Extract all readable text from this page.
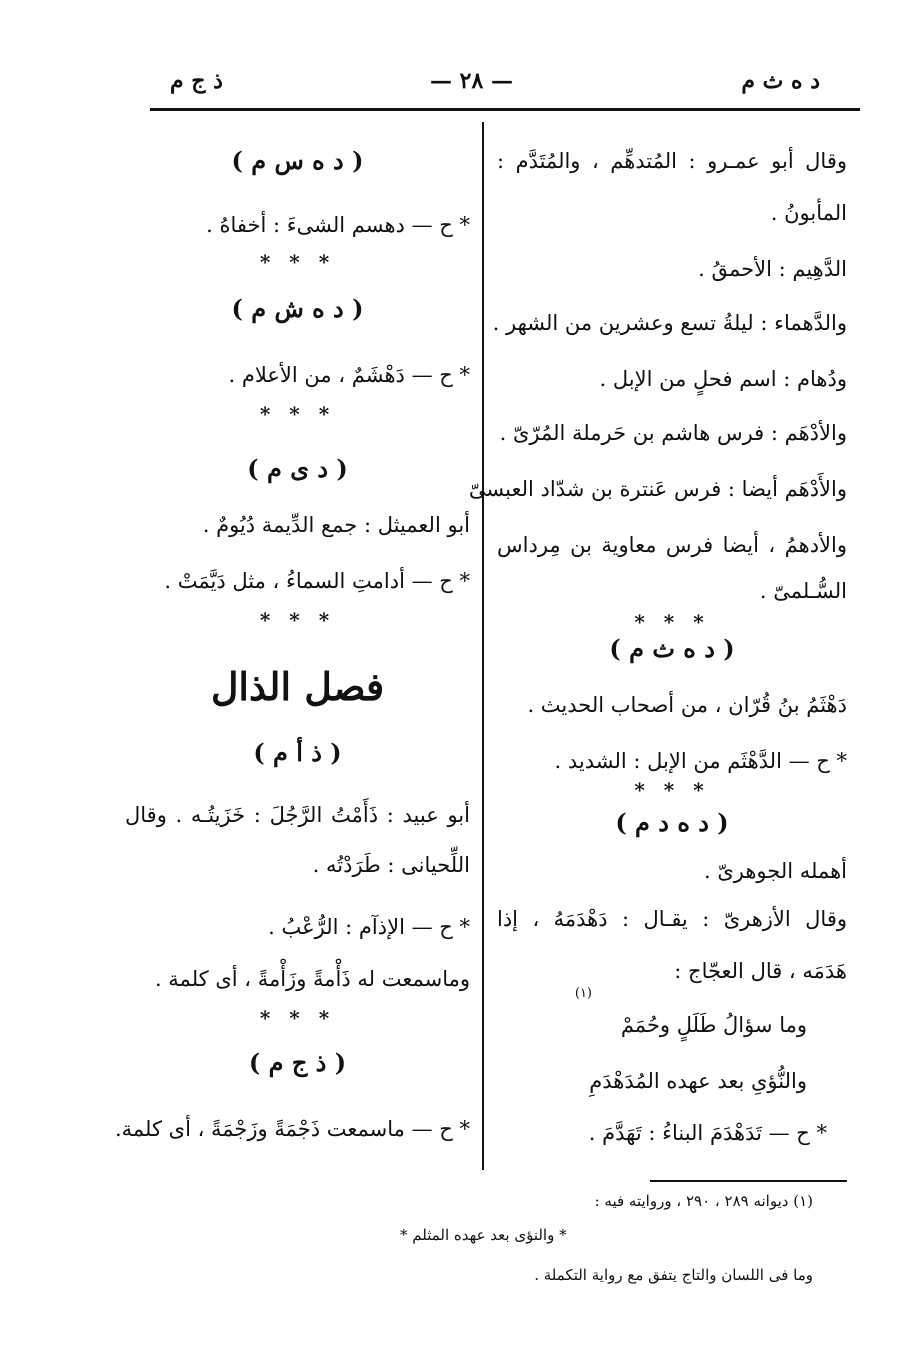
د ه ث م
— ٢٨ —
ذ ج م
وقال أبو عمـرو : المُتدهِّم ، والمُتَدَّم :
المأبونُ .
الدَّهِيم : الأحمقُ .
والدَّهماء : ليلةُ تسع وعشرين من الشهر .
ودُهام : اسم فحلٍ من الإبل .
والأدْهَم : فرس هاشم بن حَرملة المُرّىّ .
والأَدْهَم أيضا : فرس عَنترة بن شدّاد العبسىّ
والأدهمُ ، أيضا فرس معاوية بن مِرداس
السُّـلمىّ .
* * *
( د ه ث م )
دَهْثَمُ بنُ قُرّان ، من أصحاب الحديث .
* ح — الدَّهْثَم من الإبل : الشديد .
* * *
( د ه د م )
أهمله الجوهرىّ .
وقال الأزهرىّ : يقـال : دَهْدَمَهُ ، إذا
هَدَمَه ، قال العجّاج :
وما سؤالُ طَلَلٍ وحُمَمْ
(١)
والنُّؤىِ بعد عهده المُدَهْدَمِ
* ح — تَدَهْدَمَ البناءُ : تَهَدَّمَ .
( د ه س م )
* ح — دهسم الشىءَ : أخفاهُ .
* * *
( د ه ش م )
* ح — دَهْشَمٌ ، من الأعلام .
* * *
( د ى م )
أبو العميثل : جمع الدِّيمة دُيُومٌ .
* ح — أدامتِ السماءُ ، مثل دَيَّمَتْ .
* * *
فصل الذال
( ذ أ م )
أبو عبيد : ذَأَمْتُ الرَّجُلَ : خَزَيتُـه . وقال
اللِّحيانى : طَرَدْتُه .
* ح — الإذآم : الرُّعْبُ .
وماسمعت له ذَأْمةً وزَأْمةً ، أى كلمة .
* * *
( ذ ج م )
* ح — ماسمعت ذَجْمَةً وزَجْمَةً ، أى كلمة.
(١) ديوانه ٢٨٩ ، ٢٩٠ ، وروايته فيه :
* والنؤى بعد عهده المثلم *
وما فى اللسان والتاج يتفق مع رواية التكملة .
